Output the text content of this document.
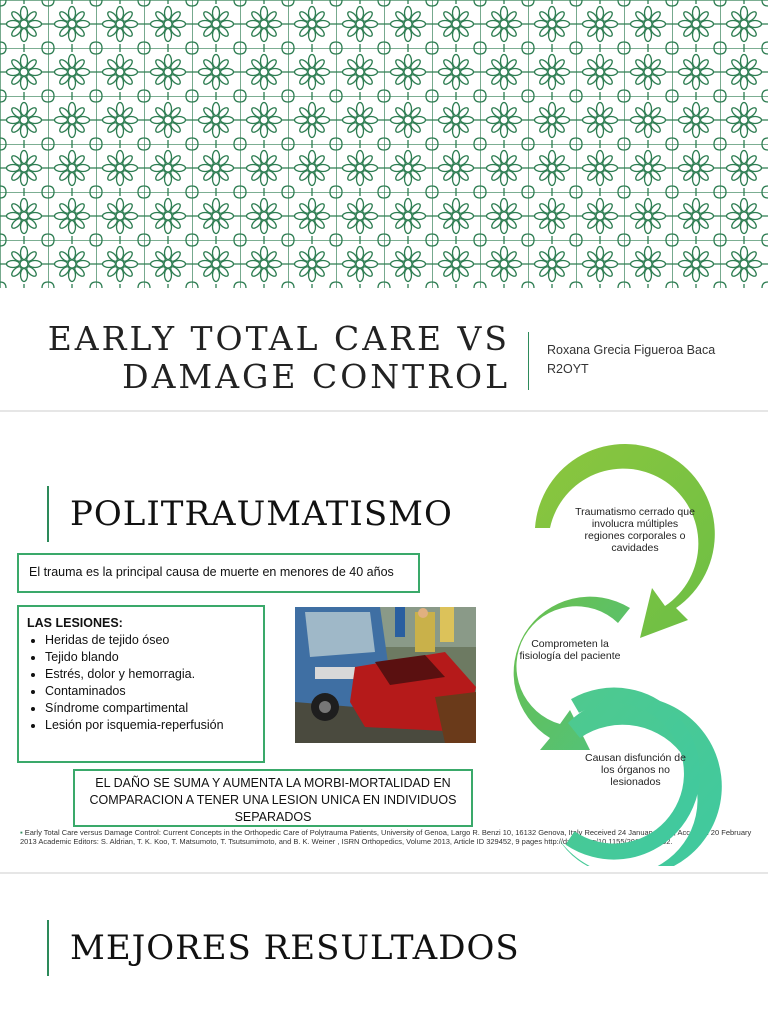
EARLY TOTAL CARE VS
DAMAGE CONTROL
Roxana Grecia Figueroa Baca
R2OYT
POLITRAUMATISMO
El trauma es la principal causa de muerte en menores de 40 años
LAS LESIONES:
• Heridas de tejido óseo
• Tejido blando
• Estrés, dolor y hemorragia.
• Contaminados
• Síndrome compartimental
• Lesión por isquemia-reperfusión
EL DAÑO SE SUMA Y AUMENTA LA MORBI-MORTALIDAD EN COMPARACION A TENER UNA LESION UNICA EN INDIVIDUOS SEPARADOS
▪ Early Total Care versus Damage Control: Current Concepts in the Orthopedic Care of Polytrauma Patients, University of Genoa, Largo R. Benzi 10, 16132 Genova, Italy Received 24 January 2013; Accepted 20 February 2013 Academic Editors: S. Aldrian, T. K. Koo, T. Matsumoto, T. Tsutsumimoto, and B. K. Weiner , ISRN Orthopedics, Volume 2013, Article ID 329452, 9 pages http://dx.doi.org/10.1155/2013/329452.
Traumatismo cerrado que involucra múltiples regiones corporales o cavidades
Comprometen la fisiología del paciente
Causan disfunción de los órganos no lesionados
MEJORES RESULTADOS
